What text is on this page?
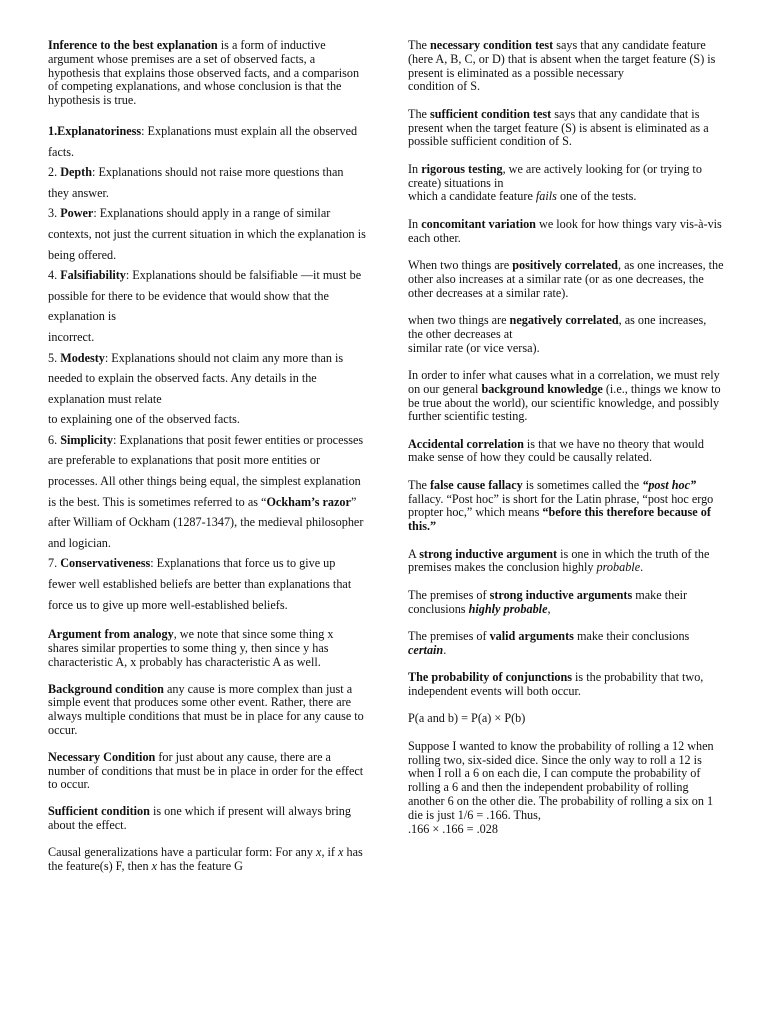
Inference to the best explanation is a form of inductive argument whose premises are a set of observed facts, a hypothesis that explains those observed facts, and a comparison of competing explanations, and whose conclusion is that the hypothesis is true.

1.Explanatoriness: Explanations must explain all the observed facts.

2. Depth: Explanations should not raise more questions than they answer.

3. Power: Explanations should apply in a range of similar contexts, not just the current situation in which the explanation is being offered.

4. Falsifiability: Explanations should be falsifiable —it must be possible for there to be evidence that would show that the explanation is
incorrect.

5. Modesty: Explanations should not claim any more than is needed to explain the observed facts. Any details in the explanation must relate
to explaining one of the observed facts.

6. Simplicity: Explanations that posit fewer entities or processes are preferable to explanations that posit more entities or processes. All other things being equal, the simplest explanation is the best. This is sometimes referred to as “Ockham’s razor” after William of Ockham (1287-1347), the medieval philosopher and logician.

7. Conservativeness: Explanations that force us to give up fewer well established beliefs are better than explanations that force us to give up more well-established beliefs.

Argument from analogy, we note that since some thing x shares similar properties to some thing y, then since y has characteristic A, x probably has characteristic A as well.

Background condition any cause is more complex than just a simple event that produces some other event. Rather, there are always multiple conditions that must be in place for any cause to occur.

Necessary Condition for just about any cause, there are a number of conditions that must be in place in order for the effect to occur.

Sufficient condition is one which if present will always bring about the effect.

Causal generalizations have a particular form: For any x, if x has the feature(s) F, then x has the feature G

The necessary condition test says that any candidate feature (here A, B, C, or D) that is absent when the target feature (S) is present is eliminated as a possible necessary
condition of S.

The sufficient condition test says that any candidate that is present when the target feature (S) is absent is eliminated as a
possible sufficient condition of S.

In rigorous testing, we are actively looking for (or trying to create) situations in
which a candidate feature fails one of the tests.

In concomitant variation we look for how things vary vis-à-vis each other.

When two things are positively correlated, as one increases, the other also increases at a similar rate (or as one decreases, the other decreases at a similar rate).

when two things are negatively correlated, as one increases, the other decreases at
similar rate (or vice versa).

In order to infer what causes what in a correlation, we must rely on our general background knowledge (i.e., things we know to be true about the world), our scientific knowledge, and possibly further scientific testing.

Accidental correlation is that we have no theory that would make sense of how they could be causally related.

The false cause fallacy is sometimes called the “post hoc” fallacy. “Post hoc” is short for the Latin phrase, “post hoc ergo propter hoc,” which means “before this therefore because of this.”

A strong inductive argument is one in which the truth of the premises makes the conclusion highly probable.

The premises of strong inductive arguments make their conclusions highly probable,

The premises of valid arguments make their conclusions certain.

The probability of conjunctions is the probability that two, independent events will both occur.

P(a and b) = P(a) × P(b)

Suppose I wanted to know the probability of rolling a 12 when rolling two, six-sided dice. Since the only way to roll a 12 is when I roll a 6 on each die, I can compute the probability of rolling a 6 and then the independent probability of rolling another 6 on the other die. The probability of rolling a six on 1 die is just 1/6 = .166. Thus,
.166 × .166 = .028
